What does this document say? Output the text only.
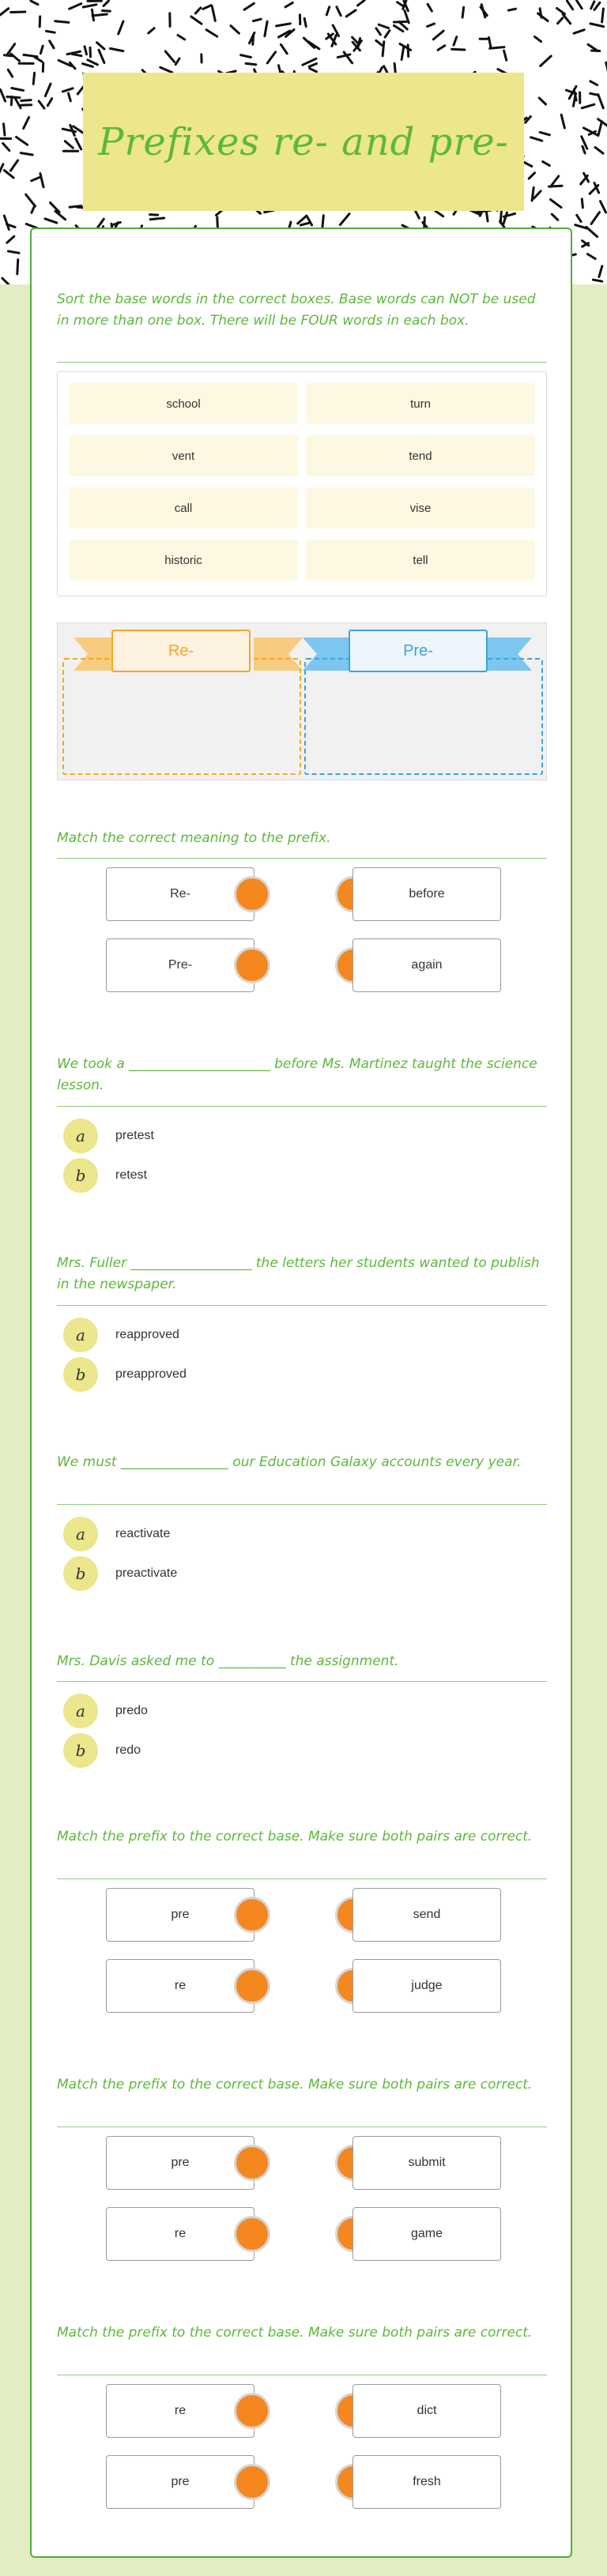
Prefixes re- and pre-
Sort the base words in the correct boxes. Base words can NOT be used in more than one box. There will be FOUR words in each box.
school	turn
vent	tend
call	vise
historic	tell
Re-	Pre-
Match the correct meaning to the prefix.
Re-	before
Pre-	again
We took a _____________________ before Ms. Martinez taught the science lesson.
a	pretest
b	retest
Mrs. Fuller __________________ the letters her students wanted to publish in the newspaper.
a	reapproved
b	preapproved
We must ________________ our Education Galaxy accounts every year.
a	reactivate
b	preactivate
Mrs. Davis asked me to __________ the assignment.
a	predo
b	redo
Match the prefix to the correct base. Make sure both pairs are correct.
pre	send
re	judge
Match the prefix to the correct base. Make sure both pairs are correct.
pre	submit
re	game
Match the prefix to the correct base. Make sure both pairs are correct.
re	dict
pre	fresh
